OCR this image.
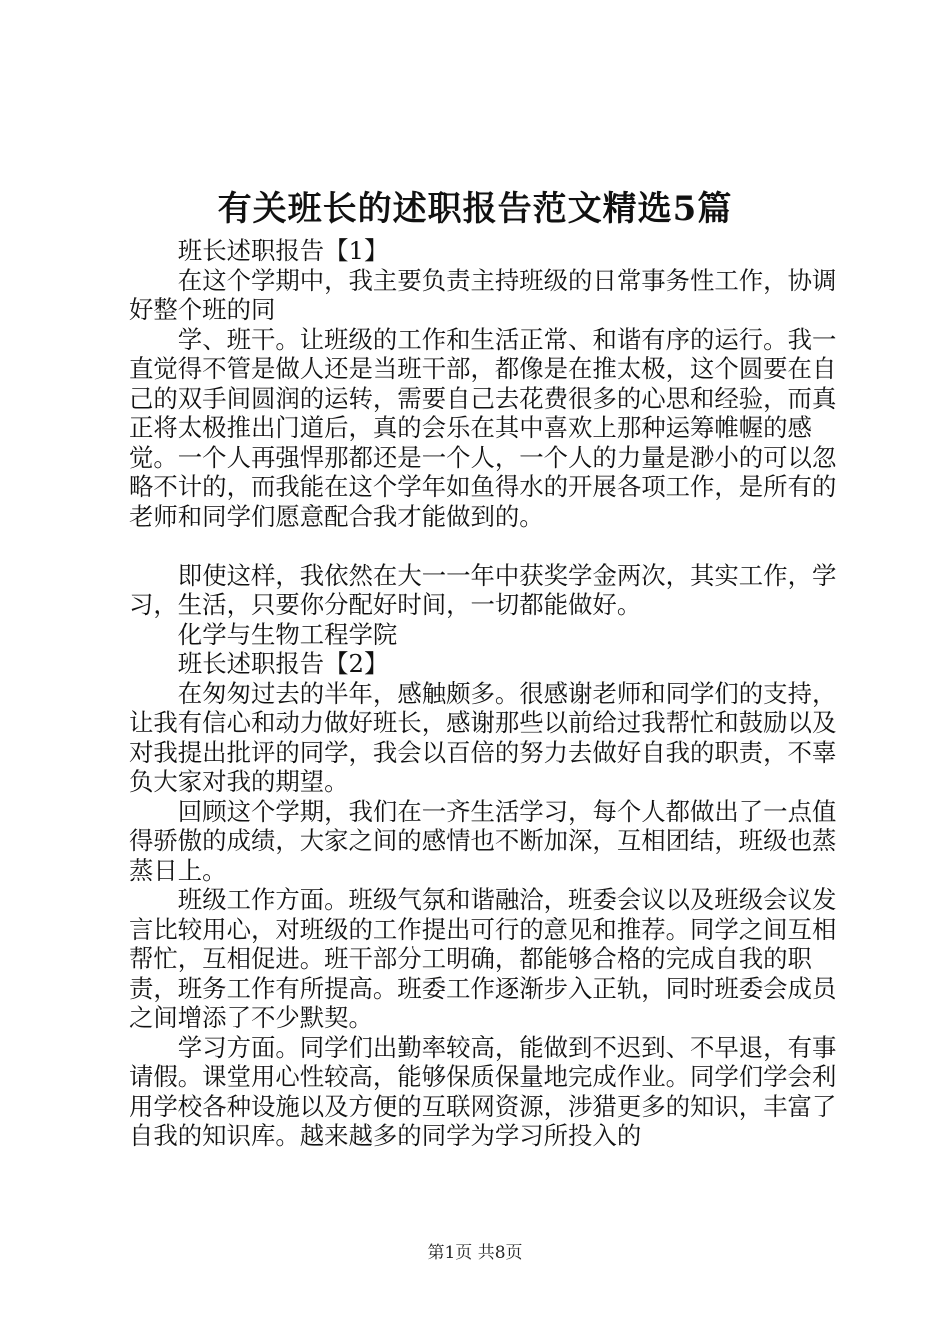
有关班长的述职报告范文精选5篇

班长述职报告【1】

在这个学期中，我主要负责主持班级的日常事务性工作，协调好整个班的同

学、班干。让班级的工作和生活正常、和谐有序的运行。我一直觉得不管是做人还是当班干部，都像是在推太极，这个圆要在自己的双手间圆润的运转，需要自己去花费很多的心思和经验，而真正将太极推出门道后，真的会乐在其中喜欢上那种运筹帷幄的感觉。一个人再强悍那都还是一个人，一个人的力量是渺小的可以忽略不计的，而我能在这个学年如鱼得水的开展各项工作，是所有的老师和同学们愿意配合我才能做到的。

即使这样，我依然在大一一年中获奖学金两次，其实工作，学习，生活，只要你分配好时间，一切都能做好。

化学与生物工程学院

班长述职报告【2】

在匆匆过去的半年，感触颇多。很感谢老师和同学们的支持，让我有信心和动力做好班长，感谢那些以前给过我帮忙和鼓励以及对我提出批评的同学，我会以百倍的努力去做好自我的职责，不辜负大家对我的期望。

回顾这个学期，我们在一齐生活学习，每个人都做出了一点值得骄傲的成绩，大家之间的感情也不断加深，互相团结，班级也蒸蒸日上。

班级工作方面。班级气氛和谐融洽，班委会议以及班级会议发言比较用心，对班级的工作提出可行的意见和推荐。同学之间互相帮忙，互相促进。班干部分工明确，都能够合格的完成自我的职责，班务工作有所提高。班委工作逐渐步入正轨，同时班委会成员之间增添了不少默契。

学习方面。同学们出勤率较高，能做到不迟到、不早退，有事请假。课堂用心性较高，能够保质保量地完成作业。同学们学会利用学校各种设施以及方便的互联网资源，涉猎更多的知识，丰富了自我的知识库。越来越多的同学为学习所投入的

第1页 共8页
